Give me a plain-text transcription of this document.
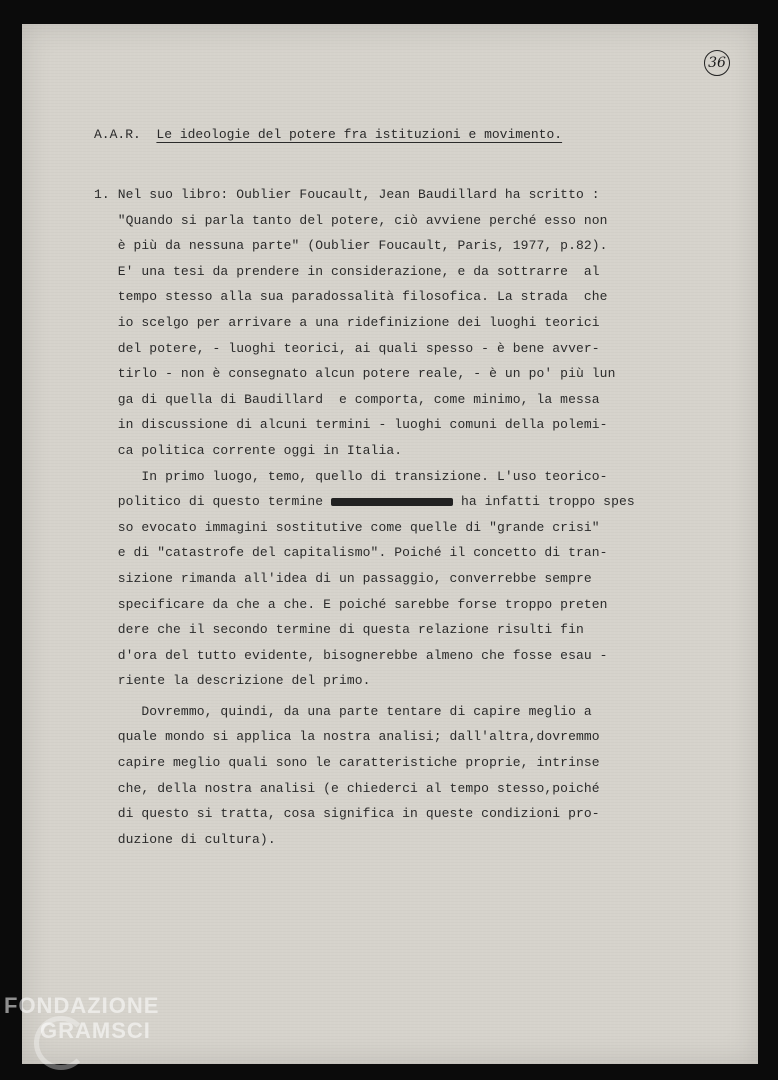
36
A.A.R. Le ideologie del potere fra istituzioni e movimento.
1. Nel suo libro: Oublier Foucault, Jean Baudillard ha scritto :
"Quando si parla tanto del potere, ciò avviene perché esso non
è più da nessuna parte" (Oublier Foucault, Paris, 1977, p.82).
E' una tesi da prendere in considerazione, e da sottrarre  al
tempo stesso alla sua paradossalità filosofica. La strada  che
io scelgo per arrivare a una ridefinizione dei luoghi teorici
del potere, - luoghi teorici, ai quali spesso - è bene avver-
tirlo - non è consegnato alcun potere reale, - è un po' più lun
ga di quella di Baudillard  e comporta, come minimo, la messa
in discussione di alcuni termini - luoghi comuni della polemi-
ca politica corrente oggi in Italia.
In primo luogo, temo, quello di transizione. L'uso teorico-
politico di questo termine	ha infatti troppo spes
so evocato immagini sostitutive come quelle di "grande crisi"
e di "catastrofe del capitalismo". Poiché il concetto di tran-
sizione rimanda all'idea di un passaggio, converrebbe sempre
specificare da che a che. E poiché sarebbe forse troppo preten
dere che il secondo termine di questa relazione risulti fin
d'ora del tutto evidente, bisognerebbe almeno che fosse esau -
riente la descrizione del primo.
Dovremmo, quindi, da una parte tentare di capire meglio a
quale mondo si applica la nostra analisi; dall'altra,dovremmo
capire meglio quali sono le caratteristiche proprie, intrinse
che, della nostra analisi (e chiederci al tempo stesso,poiché
di questo si tratta, cosa significa in queste condizioni pro-
duzione di cultura).
FONDAZIONE
GRAMSCI
